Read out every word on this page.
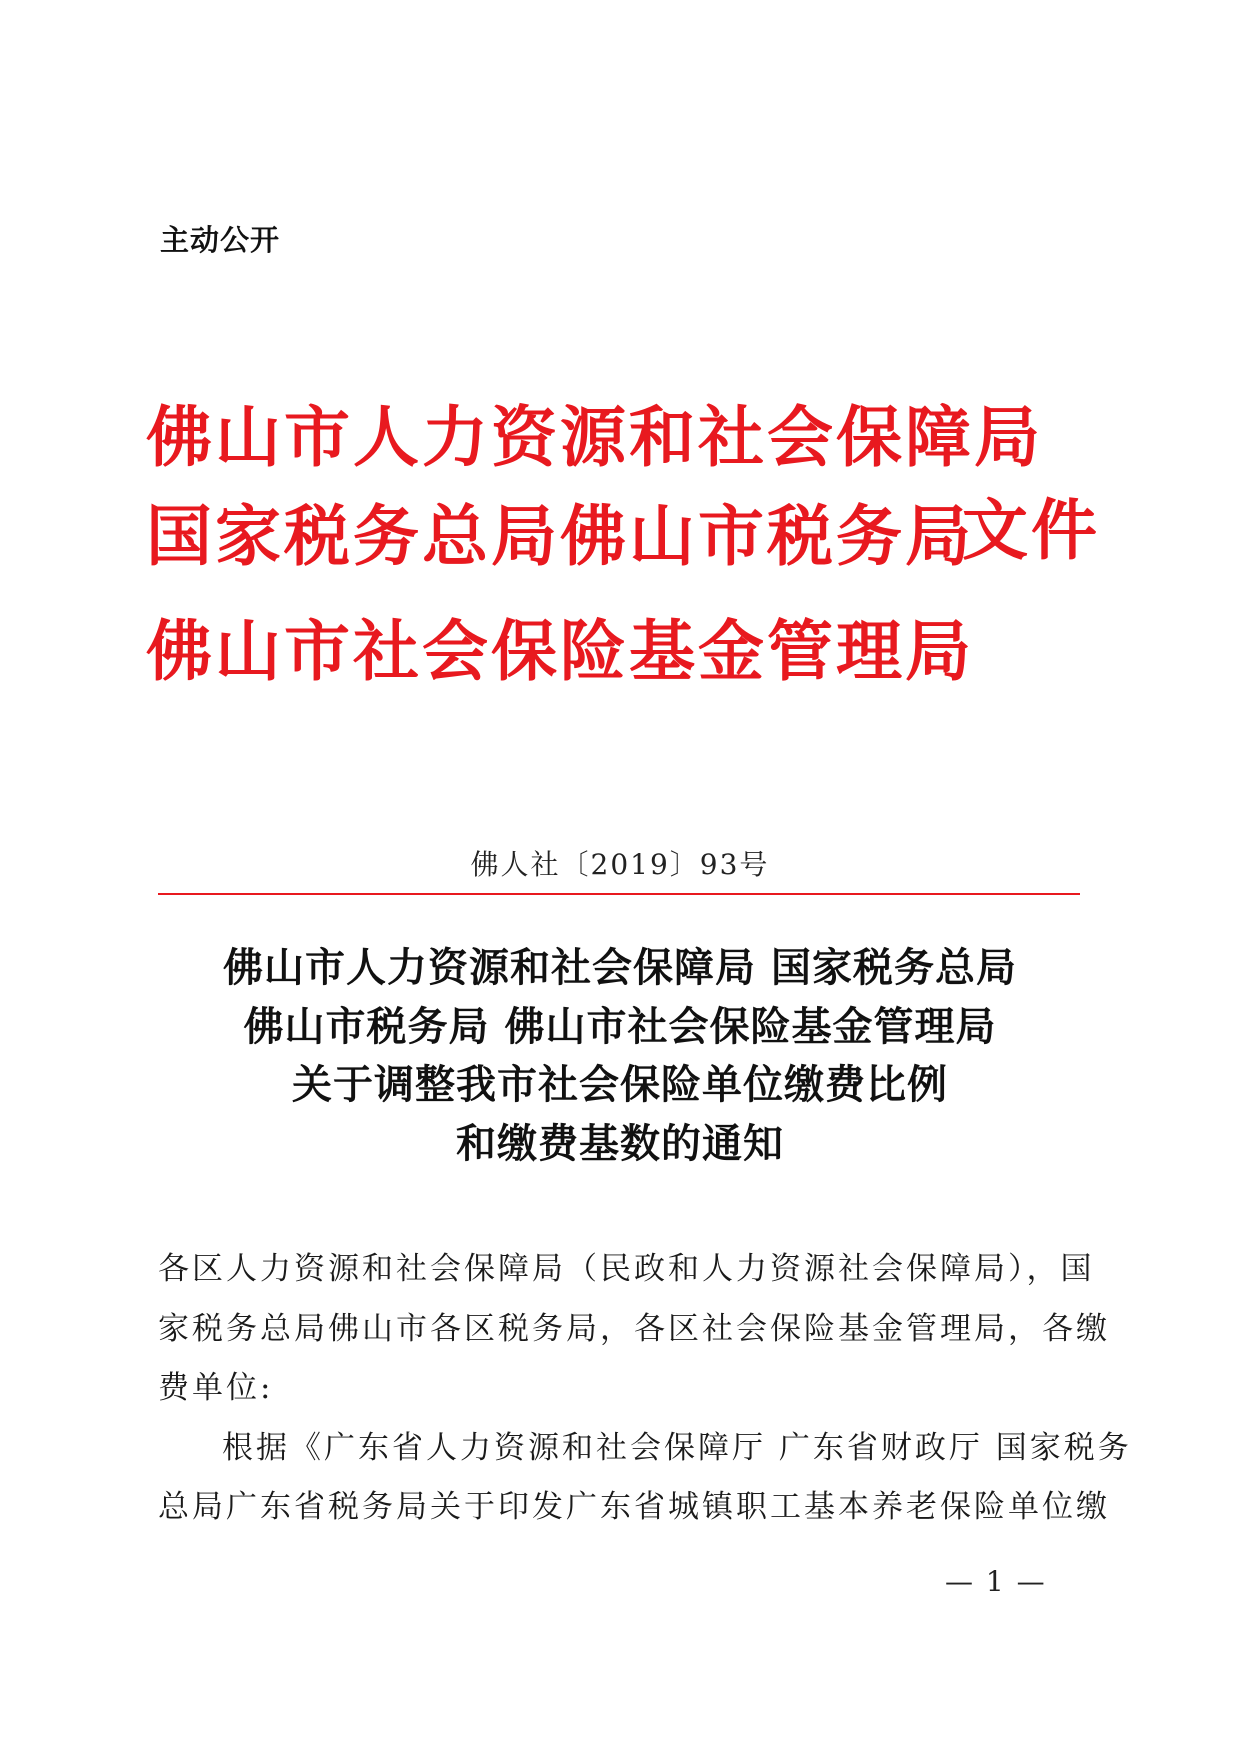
主动公开
佛山市人力资源和社会保障局
国家税务总局佛山市税务局
文件
佛山市社会保险基金管理局
佛人社〔2019〕93号
佛山市人力资源和社会保障局 国家税务总局
佛山市税务局 佛山市社会保险基金管理局
关于调整我市社会保险单位缴费比例
和缴费基数的通知
各区人力资源和社会保障局（民政和人力资源社会保障局），国
家税务总局佛山市各区税务局，各区社会保险基金管理局，各缴
费单位:
根据《广东省人力资源和社会保障厅 广东省财政厅 国家税务
总局广东省税务局关于印发广东省城镇职工基本养老保险单位缴
— 1 —
